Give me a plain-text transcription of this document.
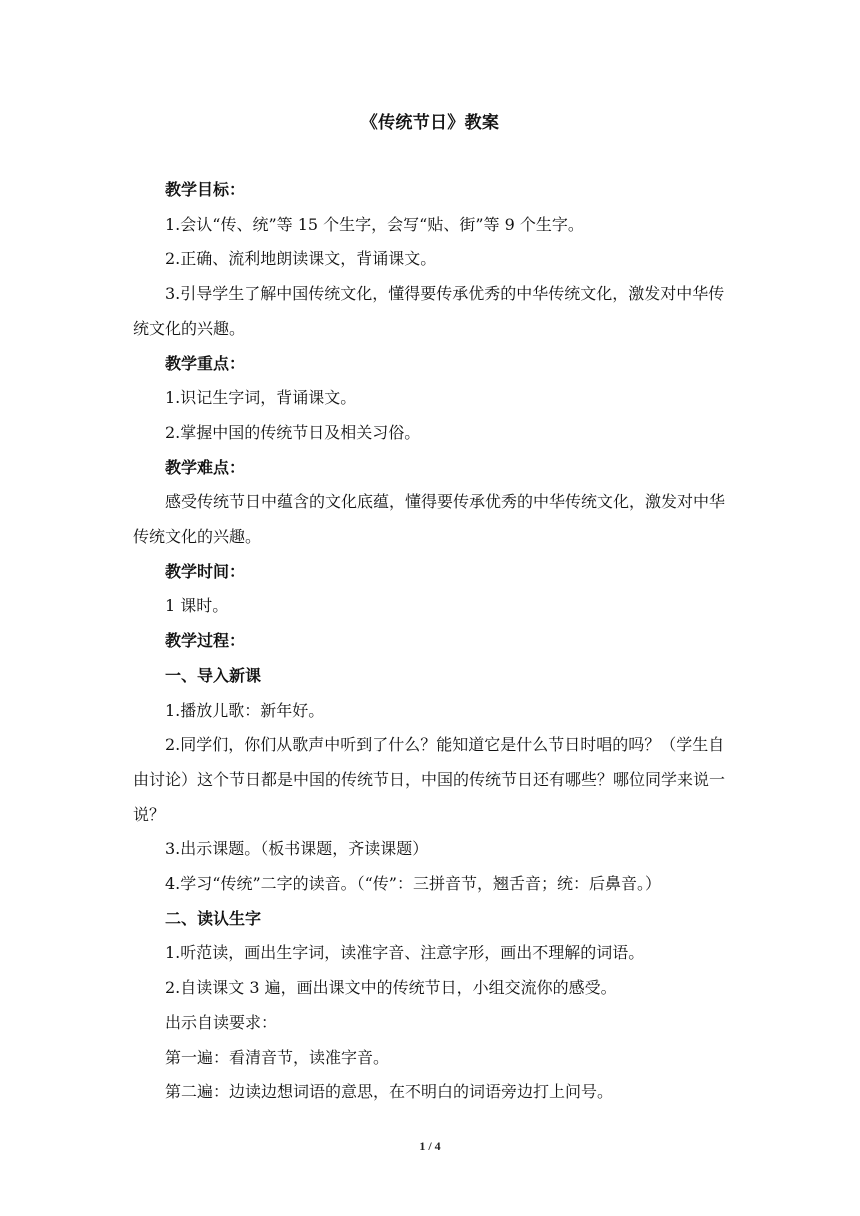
《传统节日》教案

教学目标：

1.会认“传、统”等 15 个生字，会写“贴、街”等 9 个生字。

2.正确、流利地朗读课文，背诵课文。

3.引导学生了解中国传统文化，懂得要传承优秀的中华传统文化，激发对中华传统文化的兴趣。

教学重点：

1.识记生字词，背诵课文。

2.掌握中国的传统节日及相关习俗。

教学难点：

感受传统节日中蕴含的文化底蕴，懂得要传承优秀的中华传统文化，激发对中华传统文化的兴趣。

教学时间：

1 课时。

教学过程：

一、导入新课

1.播放儿歌：新年好。

2.同学们，你们从歌声中听到了什么？能知道它是什么节日时唱的吗？（学生自由讨论）这个节日都是中国的传统节日，中国的传统节日还有哪些？哪位同学来说一说？

3.出示课题。（板书课题，齐读课题）

4.学习“传统”二字的读音。（“传”：三拼音节，翘舌音；统：后鼻音。）

二、读认生字

1.听范读，画出生字词，读准字音、注意字形，画出不理解的词语。

2.自读课文 3 遍，画出课文中的传统节日，小组交流你的感受。

出示自读要求：

第一遍：看清音节，读准字音。

第二遍：边读边想词语的意思，在不明白的词语旁边打上问号。

1 / 4
